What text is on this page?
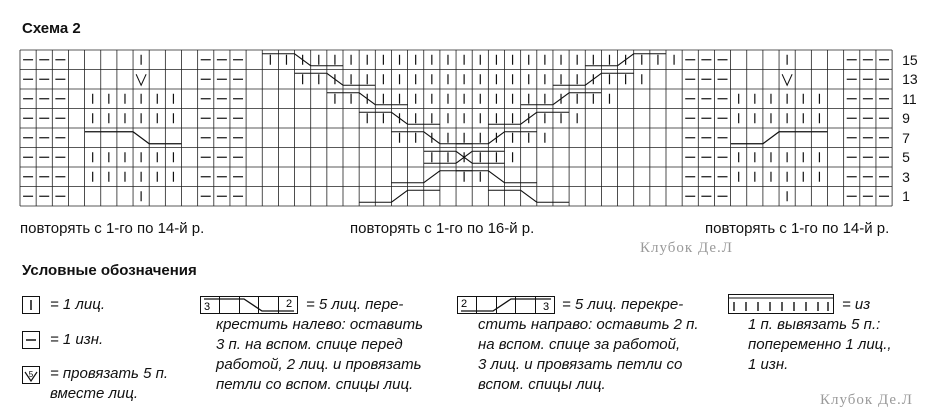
Схема 2
15
13
11
9
7
5
3
1
повторять с 1-го по 14-й р.	повторять с 1-го по 16-й р.	повторять с 1-го по 14-й р.
Клубок Де.Л
Клубок Де.Л
Условные обозначения
= 1 лиц.
= 1 изн.
5 = провязать 5 п.
вместе лиц.
3	2 = 5 лиц. пере-
крестить налево: оставить
3 п. на вспом. спице перед
работой, 2 лиц. и провязать
петли со вспом. спицы лиц.
2	3 = 5 лиц. перекре-
стить направо: оставить 2 п.
на вспом. спице за работой,
3 лиц. и провязать петли со
вспом. спицы лиц.
= из
1 п. вывязать 5 п.:
попеременно 1 лиц.,
1 изн.
